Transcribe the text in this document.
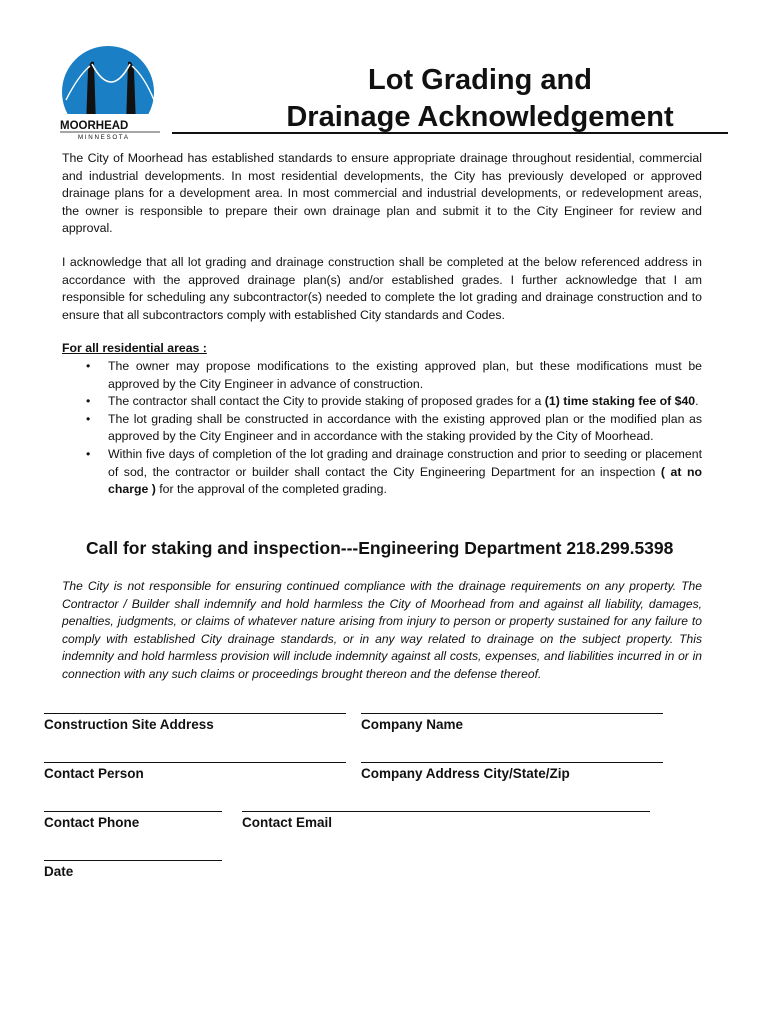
MOORHEAD
M I N N E S O T A

Lot Grading and

Drainage Acknowledgement

The City of Moorhead has established standards to ensure appropriate drainage throughout residential, commercial and industrial developments. In most residential developments, the City has previously developed or approved drainage plans for a development area. In most commercial and industrial developments, or redevelopment areas, the owner is responsible to prepare their own drainage plan and submit it to the City Engineer for review and approval.

I acknowledge that all lot grading and drainage construction shall be completed at the below referenced address in accordance with the approved drainage plan(s) and/or established grades. I further acknowledge that I am responsible for scheduling any subcontractor(s) needed to complete the lot grading and drainage construction and to ensure that all subcontractors comply with established City standards and Codes.

For all residential areas :

• The owner may propose modifications to the existing approved plan, but these modifications must be approved by the City Engineer in advance of construction.
• The contractor shall contact the City to provide staking of proposed grades for a (1) time staking fee of $40.
• The lot grading shall be constructed in accordance with the existing approved plan or the modified plan as approved by the City Engineer and in accordance with the staking provided by the City of Moorhead.
• Within five days of completion of the lot grading and drainage construction and prior to seeding or placement of sod, the contractor or builder shall contact the City Engineering Department for an inspection ( at no charge ) for the approval of the completed grading.
Call for staking and inspection---Engineering Department 218.299.5398

The City is not responsible for ensuring continued compliance with the drainage requirements on any property. The Contractor / Builder shall indemnify and hold harmless the City of Moorhead from and against all liability, damages, penalties, judgments, or claims of whatever nature arising from injury to person or property sustained for any failure to comply with established City drainage standards, or in any way related to drainage on the subject property. This indemnity and hold harmless provision will include indemnity against all costs, expenses, and liabilities incurred in or in connection with any such claims or proceedings brought thereon and the defense thereof.

Construction Site Address	Company Name
Contact Person	Company Address City/State/Zip
Contact Phone	Contact Email
Date
